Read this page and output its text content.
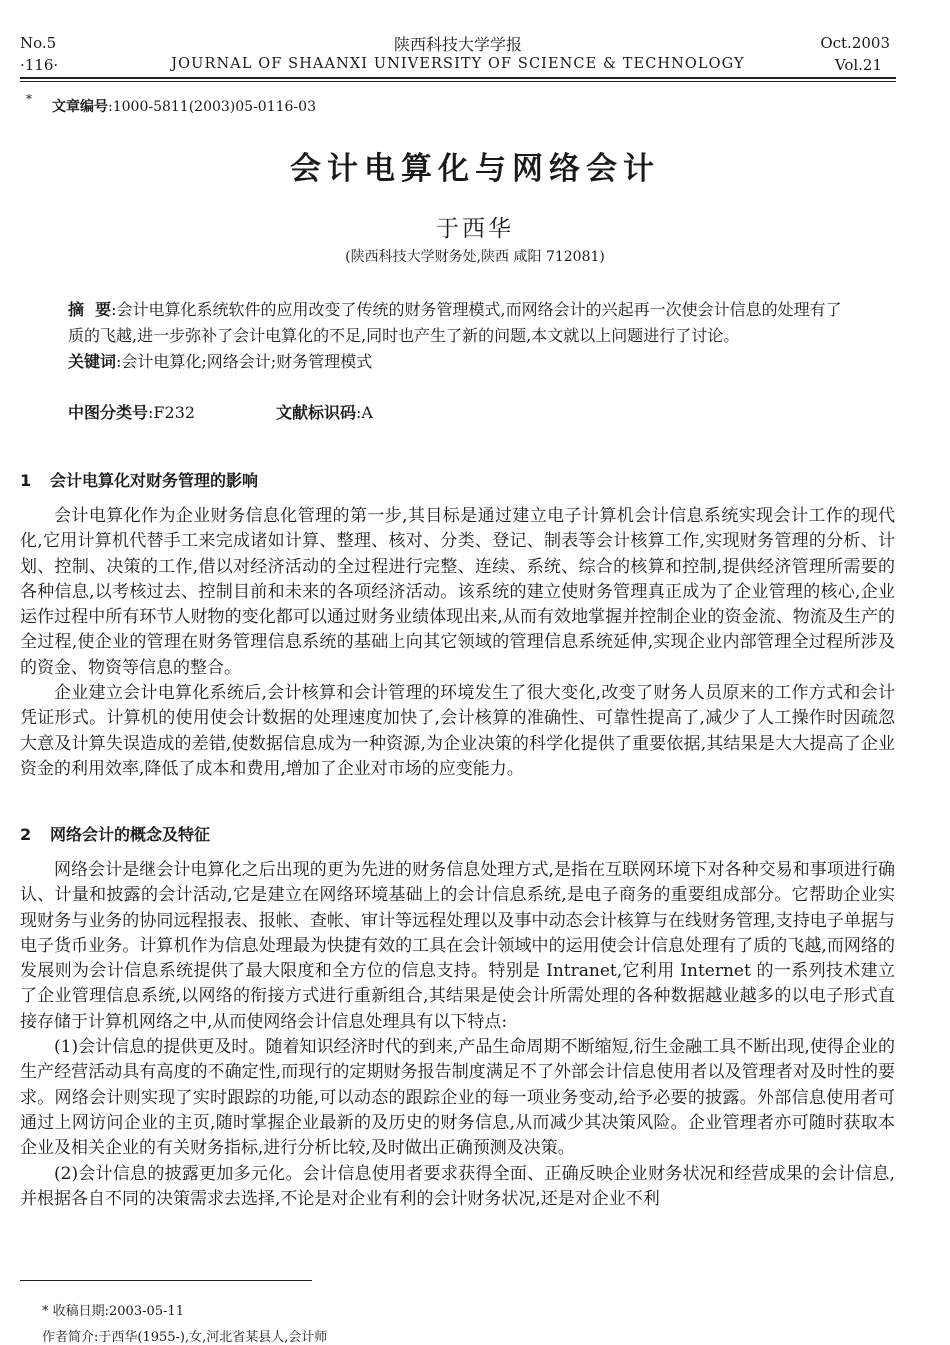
No.5
·116·
陕西科技大学学报
JOURNAL OF SHAANXI UNIVERSITY OF SCIENCE & TECHNOLOGY
Oct.2003
Vol.21
* 文章编号:1000-5811(2003)05-0116-03
会计电算化与网络会计
于西华
(陕西科技大学财务处,陕西 咸阳 712081)
摘  要:会计电算化系统软件的应用改变了传统的财务管理模式,而网络会计的兴起再一次使会计信息的处理有了质的飞越,进一步弥补了会计电算化的不足,同时也产生了新的问题,本文就以上问题进行了讨论。
关键词:会计电算化;网络会计;财务管理模式
中图分类号:F232	文献标识码:A
1 会计电算化对财务管理的影响

会计电算化作为企业财务信息化管理的第一步,其目标是通过建立电子计算机会计信息系统实现会计工作的现代化,它用计算机代替手工来完成诸如计算、整理、核对、分类、登记、制表等会计核算工作,实现财务管理的分析、计划、控制、决策的工作,借以对经济活动的全过程进行完整、连续、系统、综合的核算和控制,提供经济管理所需要的各种信息,以考核过去、控制目前和未来的各项经济活动。该系统的建立使财务管理真正成为了企业管理的核心,企业运作过程中所有环节人财物的变化都可以通过财务业绩体现出来,从而有效地掌握并控制企业的资金流、物流及生产的全过程,使企业的管理在财务管理信息系统的基础上向其它领域的管理信息系统延伸,实现企业内部管理全过程所涉及的资金、物资等信息的整合。

企业建立会计电算化系统后,会计核算和会计管理的环境发生了很大变化,改变了财务人员原来的工作方式和会计凭证形式。计算机的使用使会计数据的处理速度加快了,会计核算的准确性、可靠性提高了,减少了人工操作时因疏忽大意及计算失误造成的差错,使数据信息成为一种资源,为企业决策的科学化提供了重要依据,其结果是大大提高了企业资金的利用效率,降低了成本和费用,增加了企业对市场的应变能力。

2 网络会计的概念及特征

网络会计是继会计电算化之后出现的更为先进的财务信息处理方式,是指在互联网环境下对各种交易和事项进行确认、计量和披露的会计活动,它是建立在网络环境基础上的会计信息系统,是电子商务的重要组成部分。它帮助企业实现财务与业务的协同远程报表、报帐、查帐、审计等远程处理以及事中动态会计核算与在线财务管理,支持电子单据与电子货币业务。计算机作为信息处理最为快捷有效的工具在会计领域中的运用使会计信息处理有了质的飞越,而网络的发展则为会计信息系统提供了最大限度和全方位的信息支持。特别是 Intranet,它利用 Internet 的一系列技术建立了企业管理信息系统,以网络的衔接方式进行重新组合,其结果是使会计所需处理的各种数据越业越多的以电子形式直接存储于计算机网络之中,从而使网络会计信息处理具有以下特点:

(1)会计信息的提供更及时。随着知识经济时代的到来,产品生命周期不断缩短,衍生金融工具不断出现,使得企业的生产经营活动具有高度的不确定性,而现行的定期财务报告制度满足不了外部会计信息使用者以及管理者对及时性的要求。网络会计则实现了实时跟踪的功能,可以动态的跟踪企业的每一项业务变动,给予必要的披露。外部信息使用者可通过上网访问企业的主页,随时掌握企业最新的及历史的财务信息,从而减少其决策风险。企业管理者亦可随时获取本企业及相关企业的有关财务指标,进行分析比较,及时做出正确预测及决策。

(2)会计信息的披露更加多元化。会计信息使用者要求获得全面、正确反映企业财务状况和经营成果的会计信息,并根据各自不同的决策需求去选择,不论是对企业有利的会计财务状况,还是对企业不利

* 收稿日期:2003-05-11
作者简介:于西华(1955-),女,河北省某县人,会计师
